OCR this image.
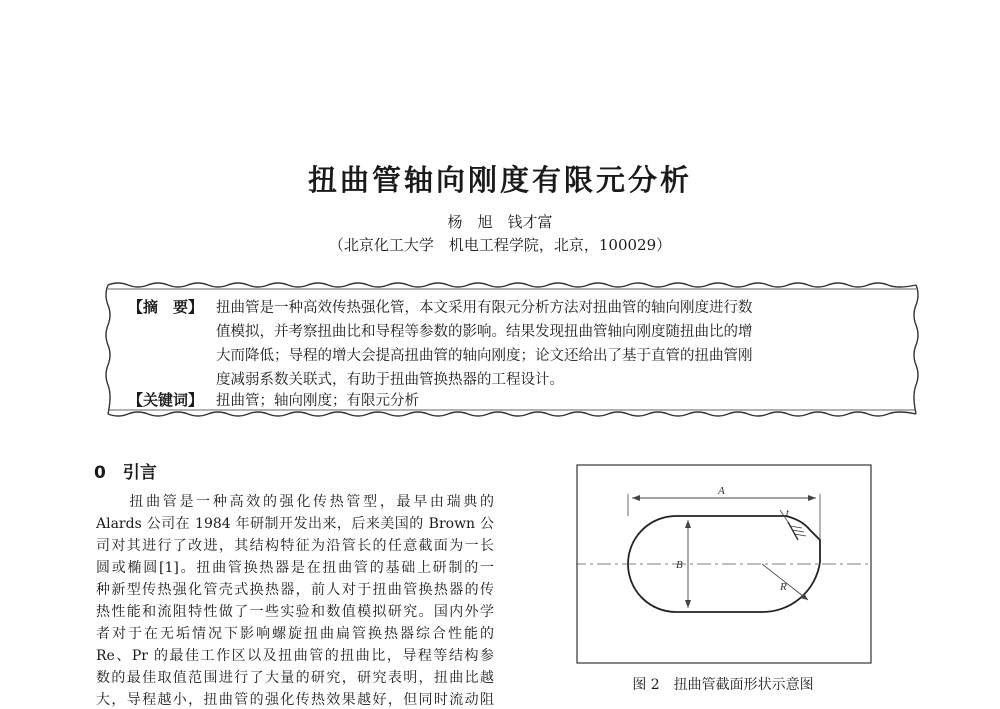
扭曲管轴向刚度有限元分析
杨　旭　钱才富
（北京化工大学　机电工程学院，北京，100029）
【摘　要】 扭曲管是一种高效传热强化管，本文采用有限元分析方法对扭曲管的轴向刚度进行数
值模拟，并考察扭曲比和导程等参数的影响。结果发现扭曲管轴向刚度随扭曲比的增
大而降低；导程的增大会提高扭曲管的轴向刚度；论文还给出了基于直管的扭曲管刚
度减弱系数关联式，有助于扭曲管换热器的工程设计。
【关键词】 扭曲管；轴向刚度；有限元分析
0　引言
　　扭曲管是一种高效的强化传热管型，最早由瑞典的
Alards 公司在 1984 年研制开发出来，后来美国的 Brown 公
司对其进行了改进，其结构特征为沿管长的任意截面为一长
圆或椭圆[1]。扭曲管换热器是在扭曲管的基础上研制的一
种新型传热强化管壳式换热器，前人对于扭曲管换热器的传
热性能和流阻特性做了一些实验和数值模拟研究。国内外学
者对于在无垢情况下影响螺旋扭曲扁管换热器综合性能的
Re、Pr 的最佳工作区以及扭曲管的扭曲比，导程等结构参
数的最佳取值范围进行了大量的研究，研究表明，扭曲比越
大，导程越小，扭曲管的强化传热效果越好，但同时流动阻
A
B
t
R
图 2　扭曲管截面形状示意图
